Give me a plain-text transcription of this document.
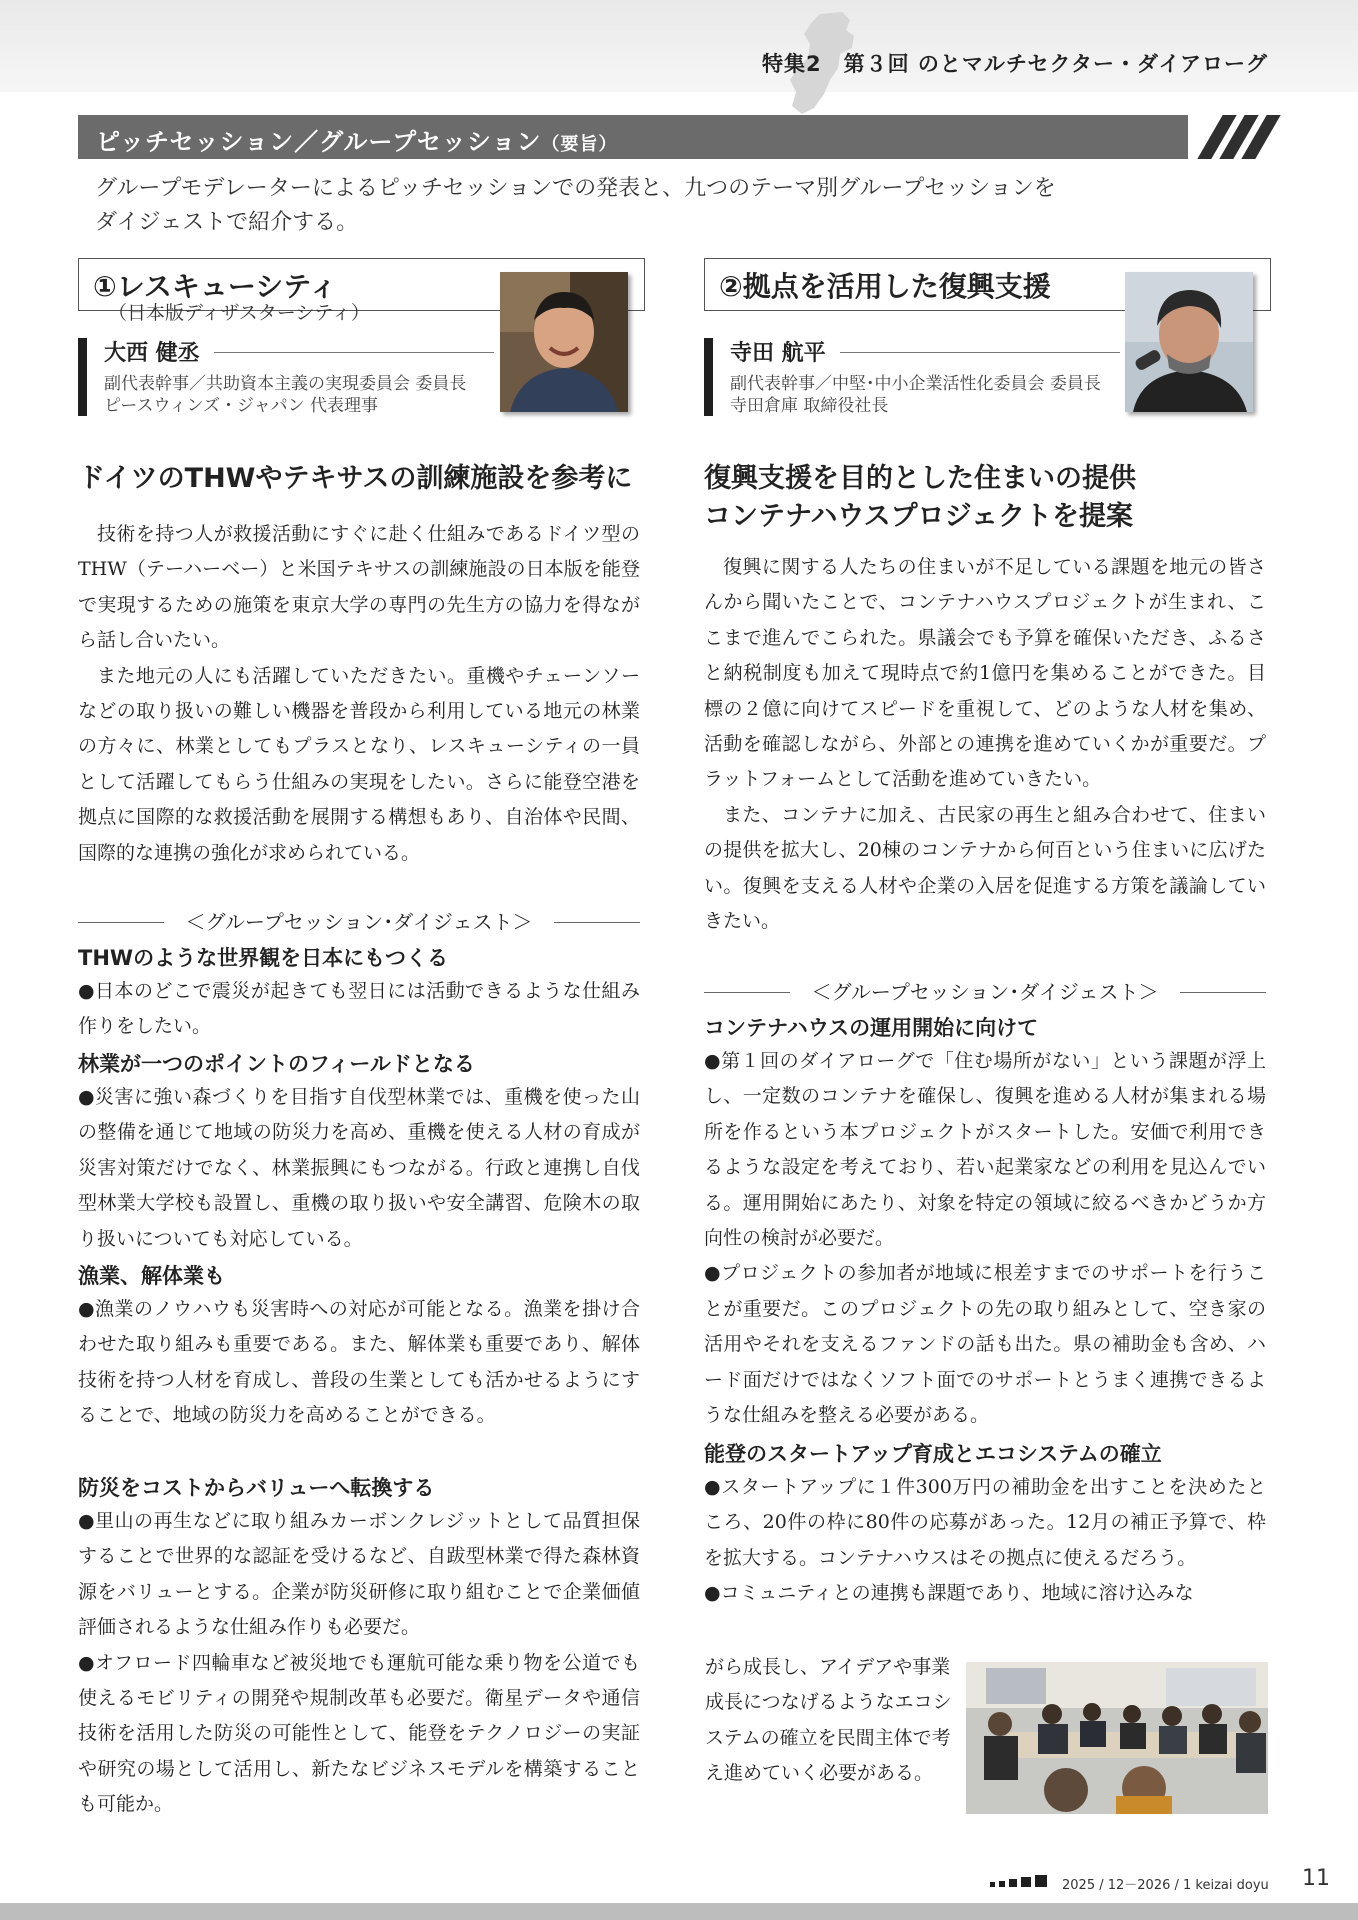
特集2　第３回 のとマルチセクター・ダイアローグ
ピッチセッション／グループセッション（要旨）
グループモデレーターによるピッチセッションでの発表と、九つのテーマ別グループセッションを
ダイジェストで紹介する。
①レスキューシティ
（日本版ディザスターシティ）
大西 健丞
副代表幹事／共助資本主義の実現委員会 委員長
ピースウィンズ・ジャパン 代表理事
②拠点を活用した復興支援
寺田 航平
副代表幹事／中堅･中小企業活性化委員会 委員長
寺田倉庫 取締役社長
ドイツのTHWやテキサスの訓練施設を参考に

技術を持つ人が救援活動にすぐに赴く仕組みであるドイツ型のTHW（テーハーベー）と米国テキサスの訓練施設の日本版を能登で実現するための施策を東京大学の専門の先生方の協力を得ながら話し合いたい。

また地元の人にも活躍していただきたい。重機やチェーンソーなどの取り扱いの難しい機器を普段から利用している地元の林業の方々に、林業としてもプラスとなり、レスキューシティの一員として活躍してもらう仕組みの実現をしたい。さらに能登空港を拠点に国際的な救援活動を展開する構想もあり、自治体や民間、国際的な連携の強化が求められている。

＜グループセッション･ダイジェスト＞
THWのような世界観を日本にもつくる
●日本のどこで震災が起きても翌日には活動できるような仕組み作りをしたい。
林業が一つのポイントのフィールドとなる
●災害に強い森づくりを目指す自伐型林業では、重機を使った山の整備を通じて地域の防災力を高め、重機を使える人材の育成が災害対策だけでなく、林業振興にもつながる。行政と連携し自伐型林業大学校も設置し、重機の取り扱いや安全講習、危険木の取り扱いについても対応している。
漁業、解体業も
●漁業のノウハウも災害時への対応が可能となる。漁業を掛け合わせた取り組みも重要である。また、解体業も重要であり、解体技術を持つ人材を育成し、普段の生業としても活かせるようにすることで、地域の防災力を高めることができる。
防災をコストからバリューへ転換する
●里山の再生などに取り組みカーボンクレジットとして品質担保することで世界的な認証を受けるなど、自跋型林業で得た森林資源をバリューとする。企業が防災研修に取り組むことで企業価値評価されるような仕組み作りも必要だ。
●オフロード四輪車など被災地でも運航可能な乗り物を公道でも使えるモビリティの開発や規制改革も必要だ。衛星データや通信技術を活用した防災の可能性として、能登をテクノロジーの実証や研究の場として活用し、新たなビジネスモデルを構築することも可能か。
復興支援を目的とした住まいの提供
コンテナハウスプロジェクトを提案

復興に関する人たちの住まいが不足している課題を地元の皆さんから聞いたことで、コンテナハウスプロジェクトが生まれ、ここまで進んでこられた。県議会でも予算を確保いただき、ふるさと納税制度も加えて現時点で約1億円を集めることができた。目標の２億に向けてスピードを重視して、どのような人材を集め、活動を確認しながら、外部との連携を進めていくかが重要だ。プラットフォームとして活動を進めていきたい。

また、コンテナに加え、古民家の再生と組み合わせて、住まいの提供を拡大し、20棟のコンテナから何百という住まいに広げたい。復興を支える人材や企業の入居を促進する方策を議論していきたい。

＜グループセッション･ダイジェスト＞
コンテナハウスの運用開始に向けて
●第１回のダイアローグで「住む場所がない」という課題が浮上し、一定数のコンテナを確保し、復興を進める人材が集まれる場所を作るという本プロジェクトがスタートした。安価で利用できるような設定を考えており、若い起業家などの利用を見込んでいる。運用開始にあたり、対象を特定の領域に絞るべきかどうか方向性の検討が必要だ。
●プロジェクトの参加者が地域に根差すまでのサポートを行うことが重要だ。このプロジェクトの先の取り組みとして、空き家の活用やそれを支えるファンドの話も出た。県の補助金も含め、ハード面だけではなくソフト面でのサポートとうまく連携できるような仕組みを整える必要がある。
能登のスタートアップ育成とエコシステムの確立
●スタートアップに１件300万円の補助金を出すことを決めたところ、20件の枠に80件の応募があった。12月の補正予算で、枠を拡大する。コンテナハウスはその拠点に使えるだろう。
●コミュニティとの連携も課題であり、地域に溶け込みな
がら成長し、アイデアや事業成長につなげるようなエコシステムの確立を民間主体で考え進めていく必要がある。
2025 / 12－2026 / 1 keizai doyu 11
